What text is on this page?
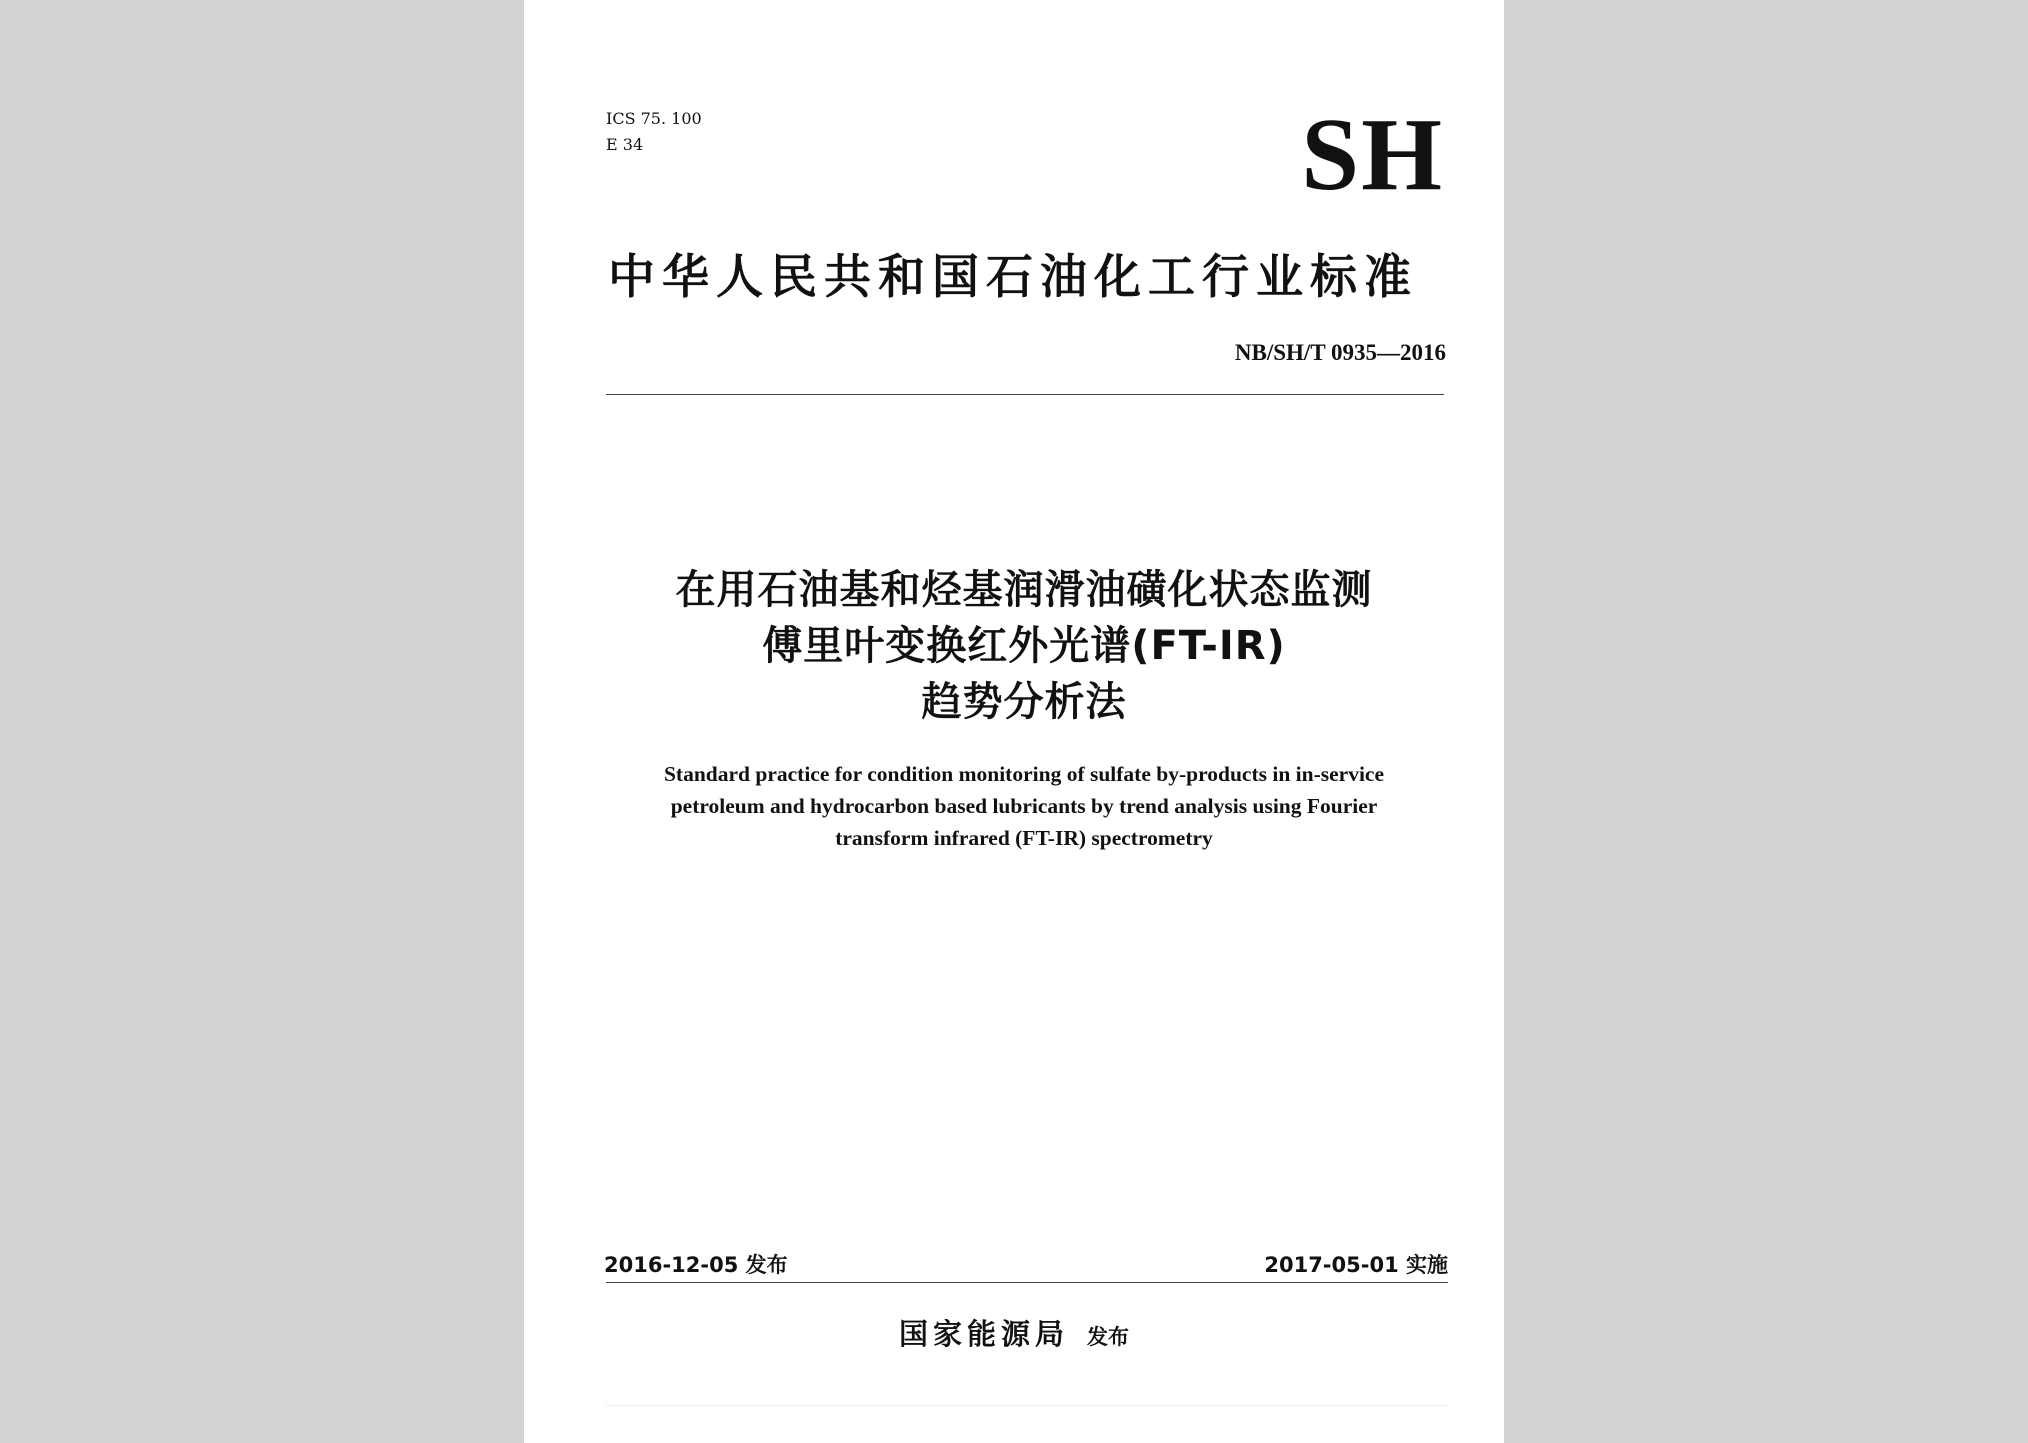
ICS 75. 100
E 34	SH
中华人民共和国石油化工行业标准
NB/SH/T 0935—2016
在用石油基和烃基润滑油磺化状态监测
傅里叶变换红外光谱(FT-IR)
趋势分析法
Standard practice for condition monitoring of sulfate by-products in in-service
petroleum and hydrocarbon based lubricants by trend analysis using Fourier
transform infrared (FT-IR) spectrometry
2016-12-05 发布	2017-05-01 实施
国家能源局 发布
